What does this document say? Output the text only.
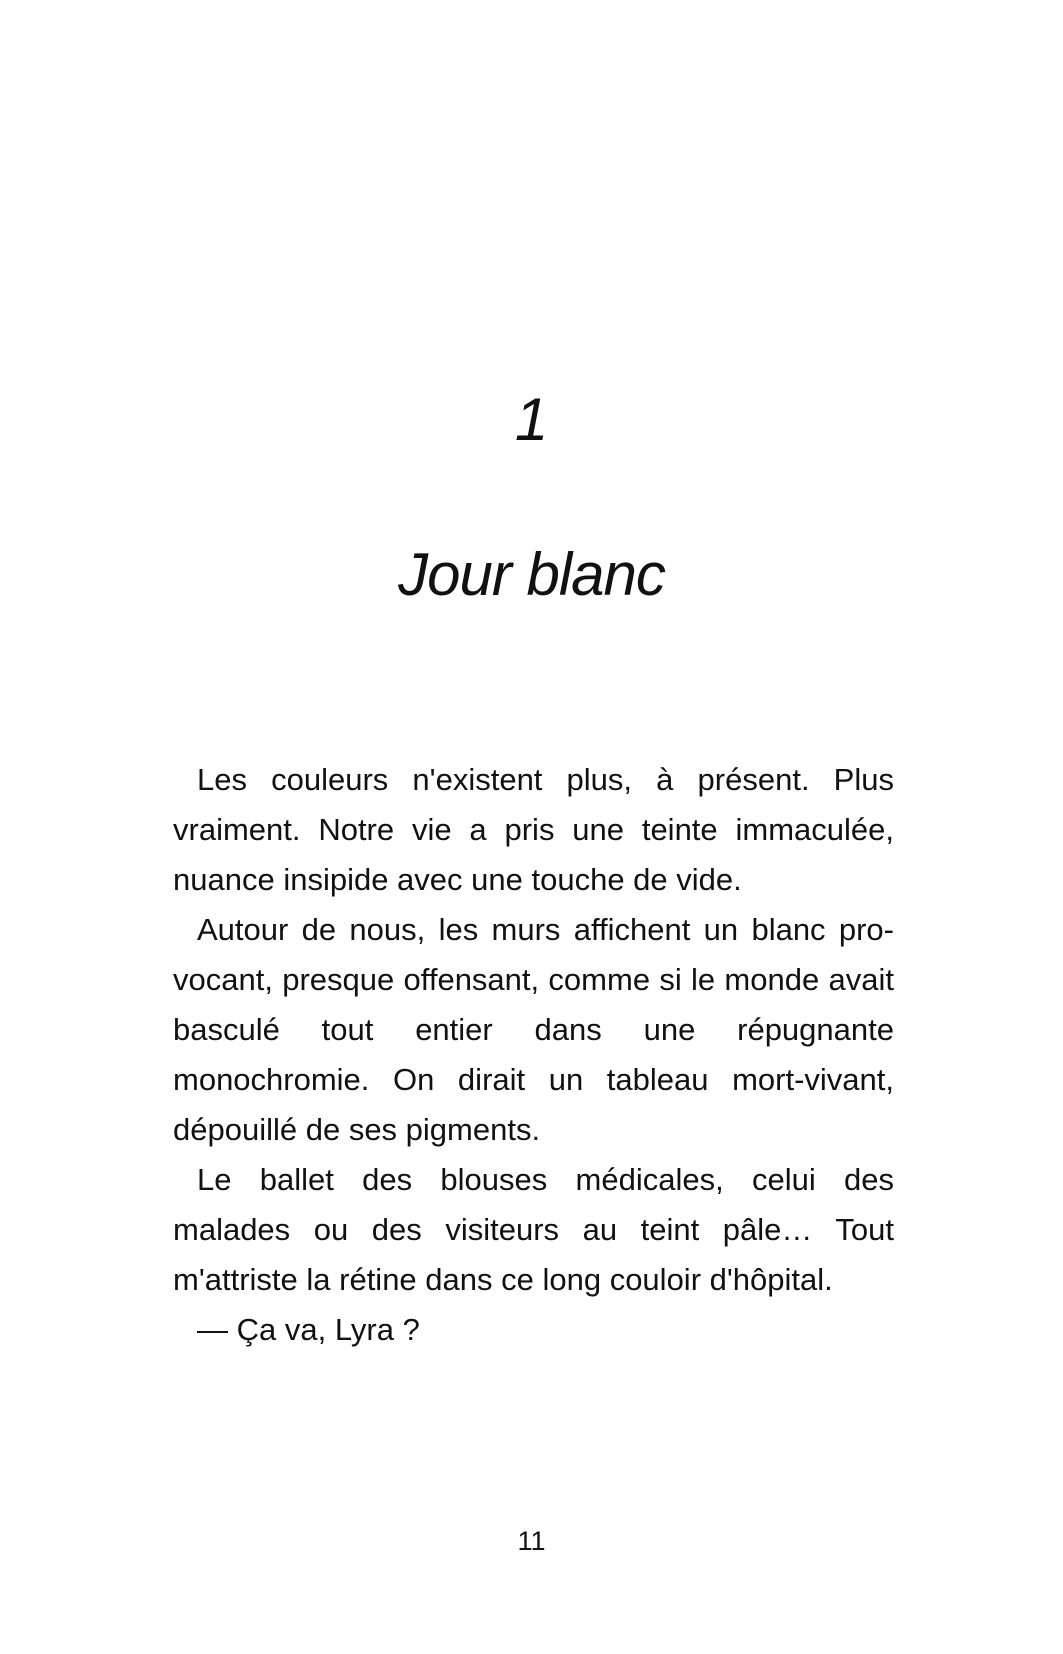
1
Jour blanc

Les couleurs n'existent plus, à présent. Plus vraiment. Notre vie a pris une teinte immaculée, nuance insipide avec une touche de vide.

Autour de nous, les murs affichent un blanc provocant, presque offensant, comme si le monde avait basculé tout entier dans une répugnante monochromie. On dirait un tableau mort-vivant, dépouillé de ses pigments.

Le ballet des blouses médicales, celui des malades ou des visiteurs au teint pâle… Tout m'attriste la rétine dans ce long couloir d'hôpital.

— Ça va, Lyra ?

11
